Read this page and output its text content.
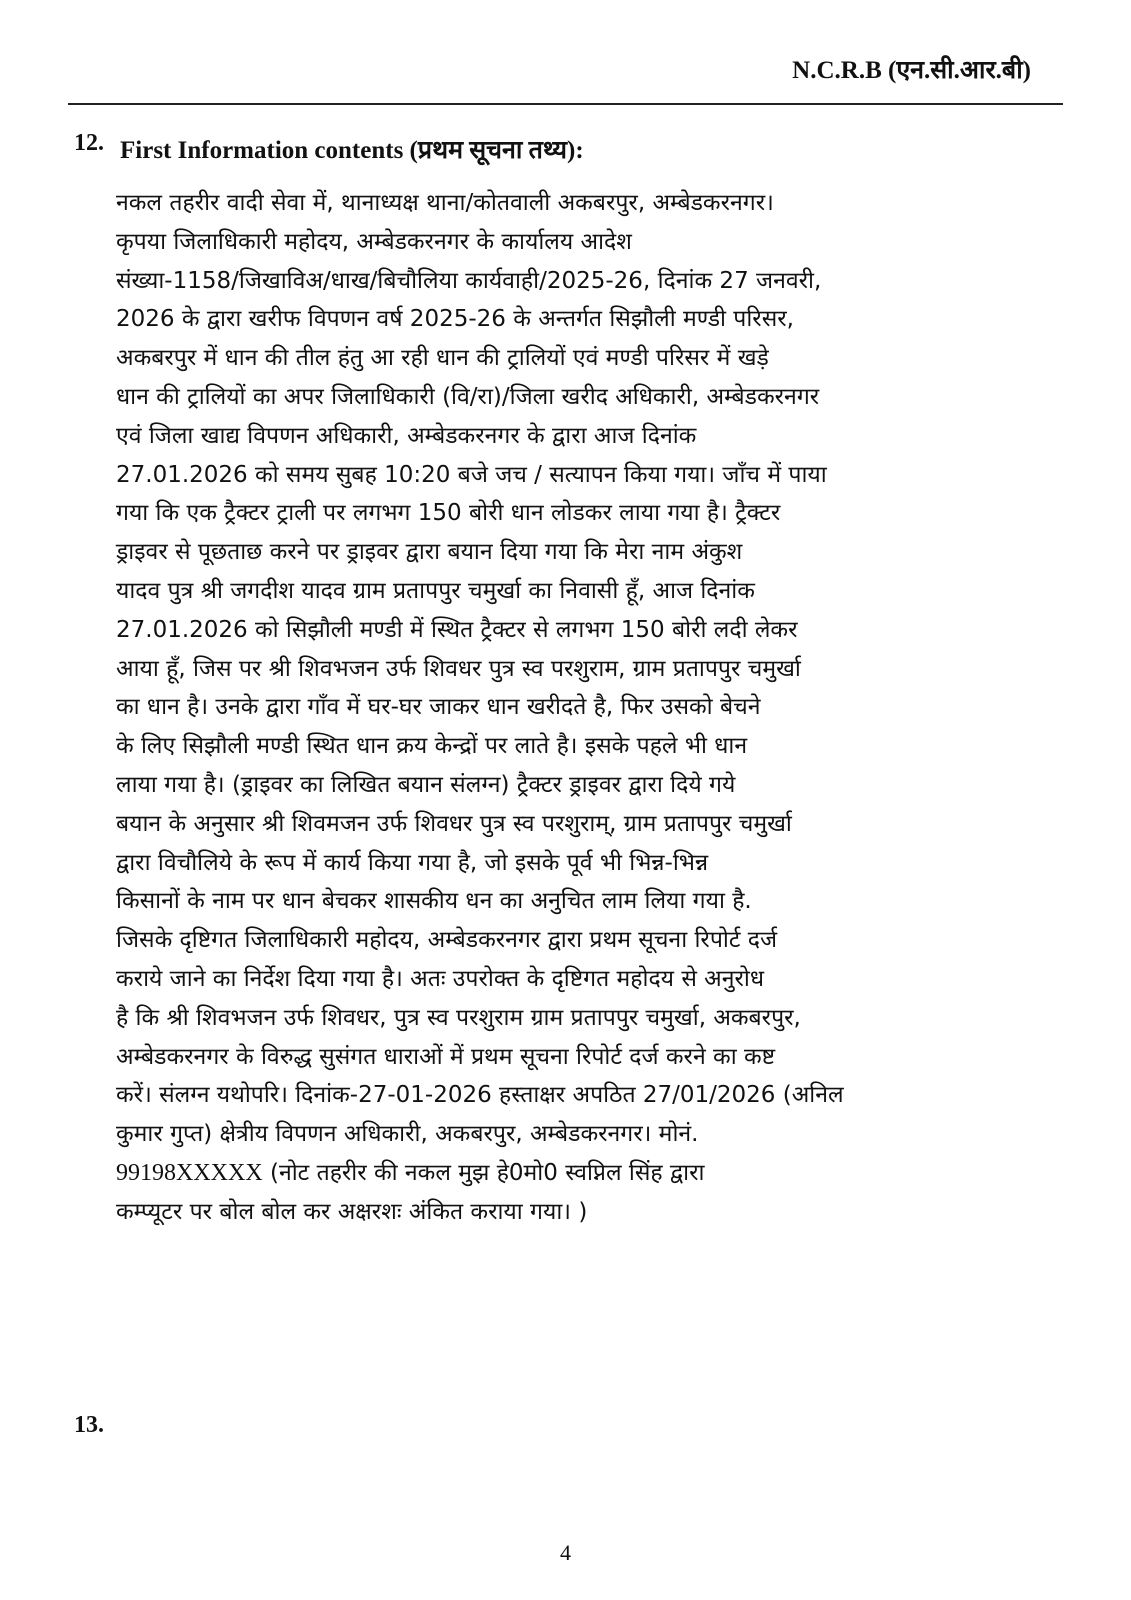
N.C.R.B (एन.सी.आर.बी)
12. First Information contents (प्रथम सूचना तथ्य):
नकल तहरीर वादी सेवा में, थानाध्यक्ष थाना/कोतवाली अकबरपुर, अम्बेडकरनगर।
कृपया जिलाधिकारी महोदय, अम्बेडकरनगर के कार्यालय आदेश
संख्या-1158/जिखाविअ/धाख/बिचौलिया कार्यवाही/2025-26, दिनांक 27 जनवरी,
2026 के द्वारा खरीफ विपणन वर्ष 2025-26 के अन्तर्गत सिझौली मण्डी परिसर,
अकबरपुर में धान की तील हंतु आ रही धान की ट्रालियों एवं मण्डी परिसर में खड़े
धान की ट्रालियों का अपर जिलाधिकारी (वि/रा)/जिला खरीद अधिकारी, अम्बेडकरनगर
एवं जिला खाद्य विपणन अधिकारी, अम्बेडकरनगर के द्वारा आज दिनांक
27.01.2026 को समय सुबह 10:20 बजे जच / सत्यापन किया गया। जाँच में पाया
गया कि एक ट्रैक्टर ट्राली पर लगभग 150 बोरी धान लोडकर लाया गया है। ट्रैक्टर
ड्राइवर से पूछताछ करने पर ड्राइवर द्वारा बयान दिया गया कि मेरा नाम अंकुश
यादव पुत्र श्री जगदीश यादव ग्राम प्रतापपुर चमुर्खा का निवासी हूँ, आज दिनांक
27.01.2026 को सिझौली मण्डी में स्थित ट्रैक्टर से लगभग 150 बोरी लदी लेकर
आया हूँ, जिस पर श्री शिवभजन उर्फ शिवधर पुत्र स्व परशुराम, ग्राम प्रतापपुर चमुर्खा
का धान है। उनके द्वारा गाँव में घर-घर जाकर धान खरीदते है, फिर उसको बेचने
के लिए सिझौली मण्डी स्थित धान क्रय केन्द्रों पर लाते है। इसके पहले भी धान
लाया गया है। (ड्राइवर का लिखित बयान संलग्न) ट्रैक्टर ड्राइवर द्वारा दिये गये
बयान के अनुसार श्री शिवमजन उर्फ शिवधर पुत्र स्व परशुराम्, ग्राम प्रतापपुर चमुर्खा
द्वारा विचौलिये के रूप में कार्य किया गया है, जो इसके पूर्व भी भिन्न-भिन्न
किसानों के नाम पर धान बेचकर शासकीय धन का अनुचित लाम लिया गया है.
जिसके दृष्टिगत जिलाधिकारी महोदय, अम्बेडकरनगर द्वारा प्रथम सूचना रिपोर्ट दर्ज
कराये जाने का निर्देश दिया गया है। अतः उपरोक्त के दृष्टिगत महोदय से अनुरोध
है कि श्री शिवभजन उर्फ शिवधर, पुत्र स्व परशुराम ग्राम प्रतापपुर चमुर्खा, अकबरपुर,
अम्बेडकरनगर के विरुद्ध सुसंगत धाराओं में प्रथम सूचना रिपोर्ट दर्ज करने का कष्ट
करें। संलग्न यथोपरि। दिनांक-27-01-2026 हस्ताक्षर अपठित 27/01/2026 (अनिल
कुमार गुप्त) क्षेत्रीय विपणन अधिकारी, अकबरपुर, अम्बेडकरनगर। मोनं.
99198XXXXX (नोट तहरीर की नकल मुझ हे0मो0 स्वप्निल सिंह द्वारा
कम्प्यूटर पर बोल बोल कर अक्षरशः अंकित कराया गया। )
13.
4
